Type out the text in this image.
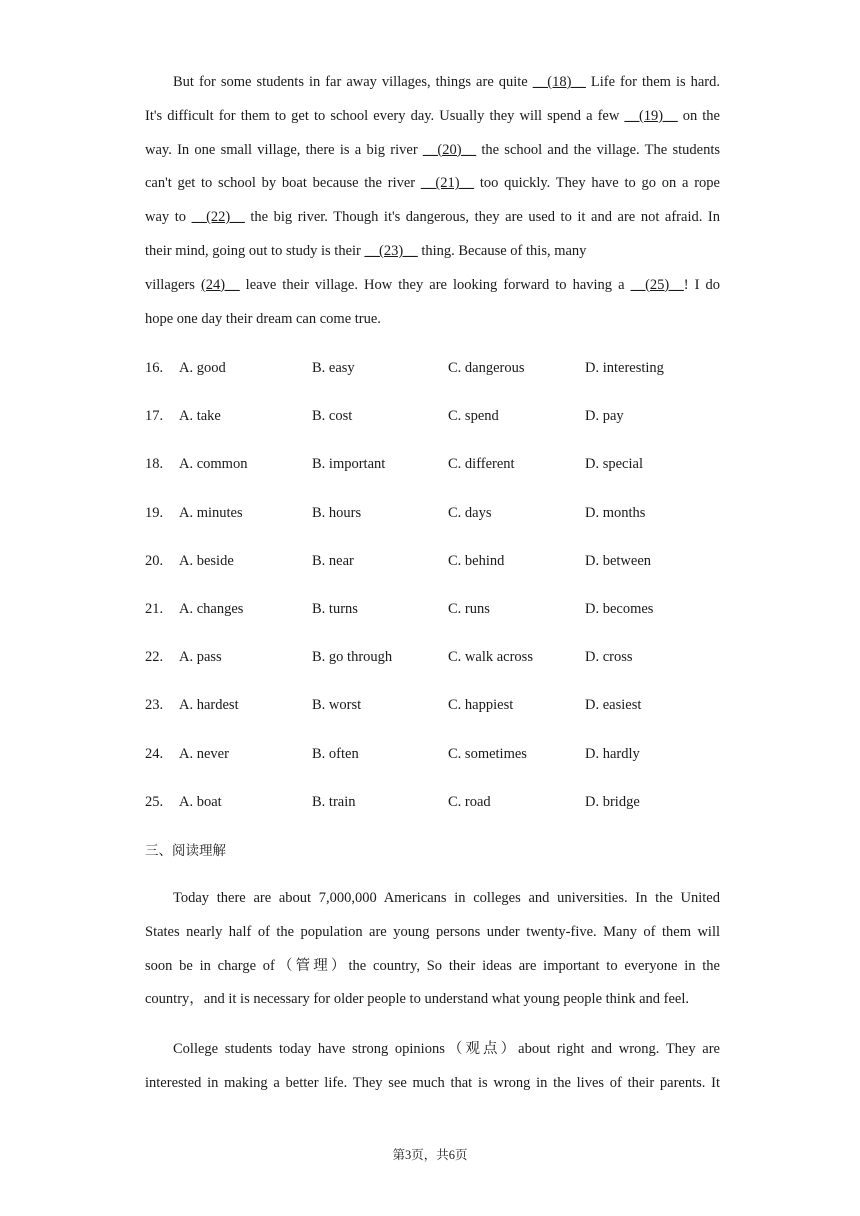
But for some students in far away villages, things are quite __(18)__ Life for them is hard.
It's difficult for them to get to school every day. Usually they will spend a few __(19)__ on the
way. In one small village, there is a big river __(20)__ the school and the village. The students
can't get to school by boat because the river __(21)__ too quickly. They have to go on a rope
way to __(22)__ the big river. Though it's dangerous, they are used to it and are not afraid. In
their mind, going out to study is their __(23)__ thing. Because of this, many
villagers (24)__ leave their village. How they are looking forward to having a __(25)__! I do
hope one day their dream can come true.
16. A. good	B. easy	C. dangerous	D. interesting
17. A. take	B. cost	C. spend	D. pay
18. A. common	B. important	C. different	D. special
19. A. minutes	B. hours	C. days	D. months
20. A. beside	B. near	C. behind	D. between
21. A. changes	B. turns	C. runs	D. becomes
22. A. pass	B. go through	C. walk across	D. cross
23. A. hardest	B. worst	C. happiest	D. easiest
24. A. never	B. often	C. sometimes	D. hardly
25. A. boat	B. train	C. road	D. bridge
三、阅读理解
Today there are about 7,000,000 Americans in colleges and universities. In the United
States nearly half of the population are young persons under twenty-five. Many of them will
soon be in charge of（管理）the country, So their ideas are important to everyone in the
country，and it is necessary for older people to understand what young people think and feel.
College students today have strong opinions（观点）about right and wrong. They are
interested in making a better life. They see much that is wrong in the lives of their parents. It
第3页，共6页
